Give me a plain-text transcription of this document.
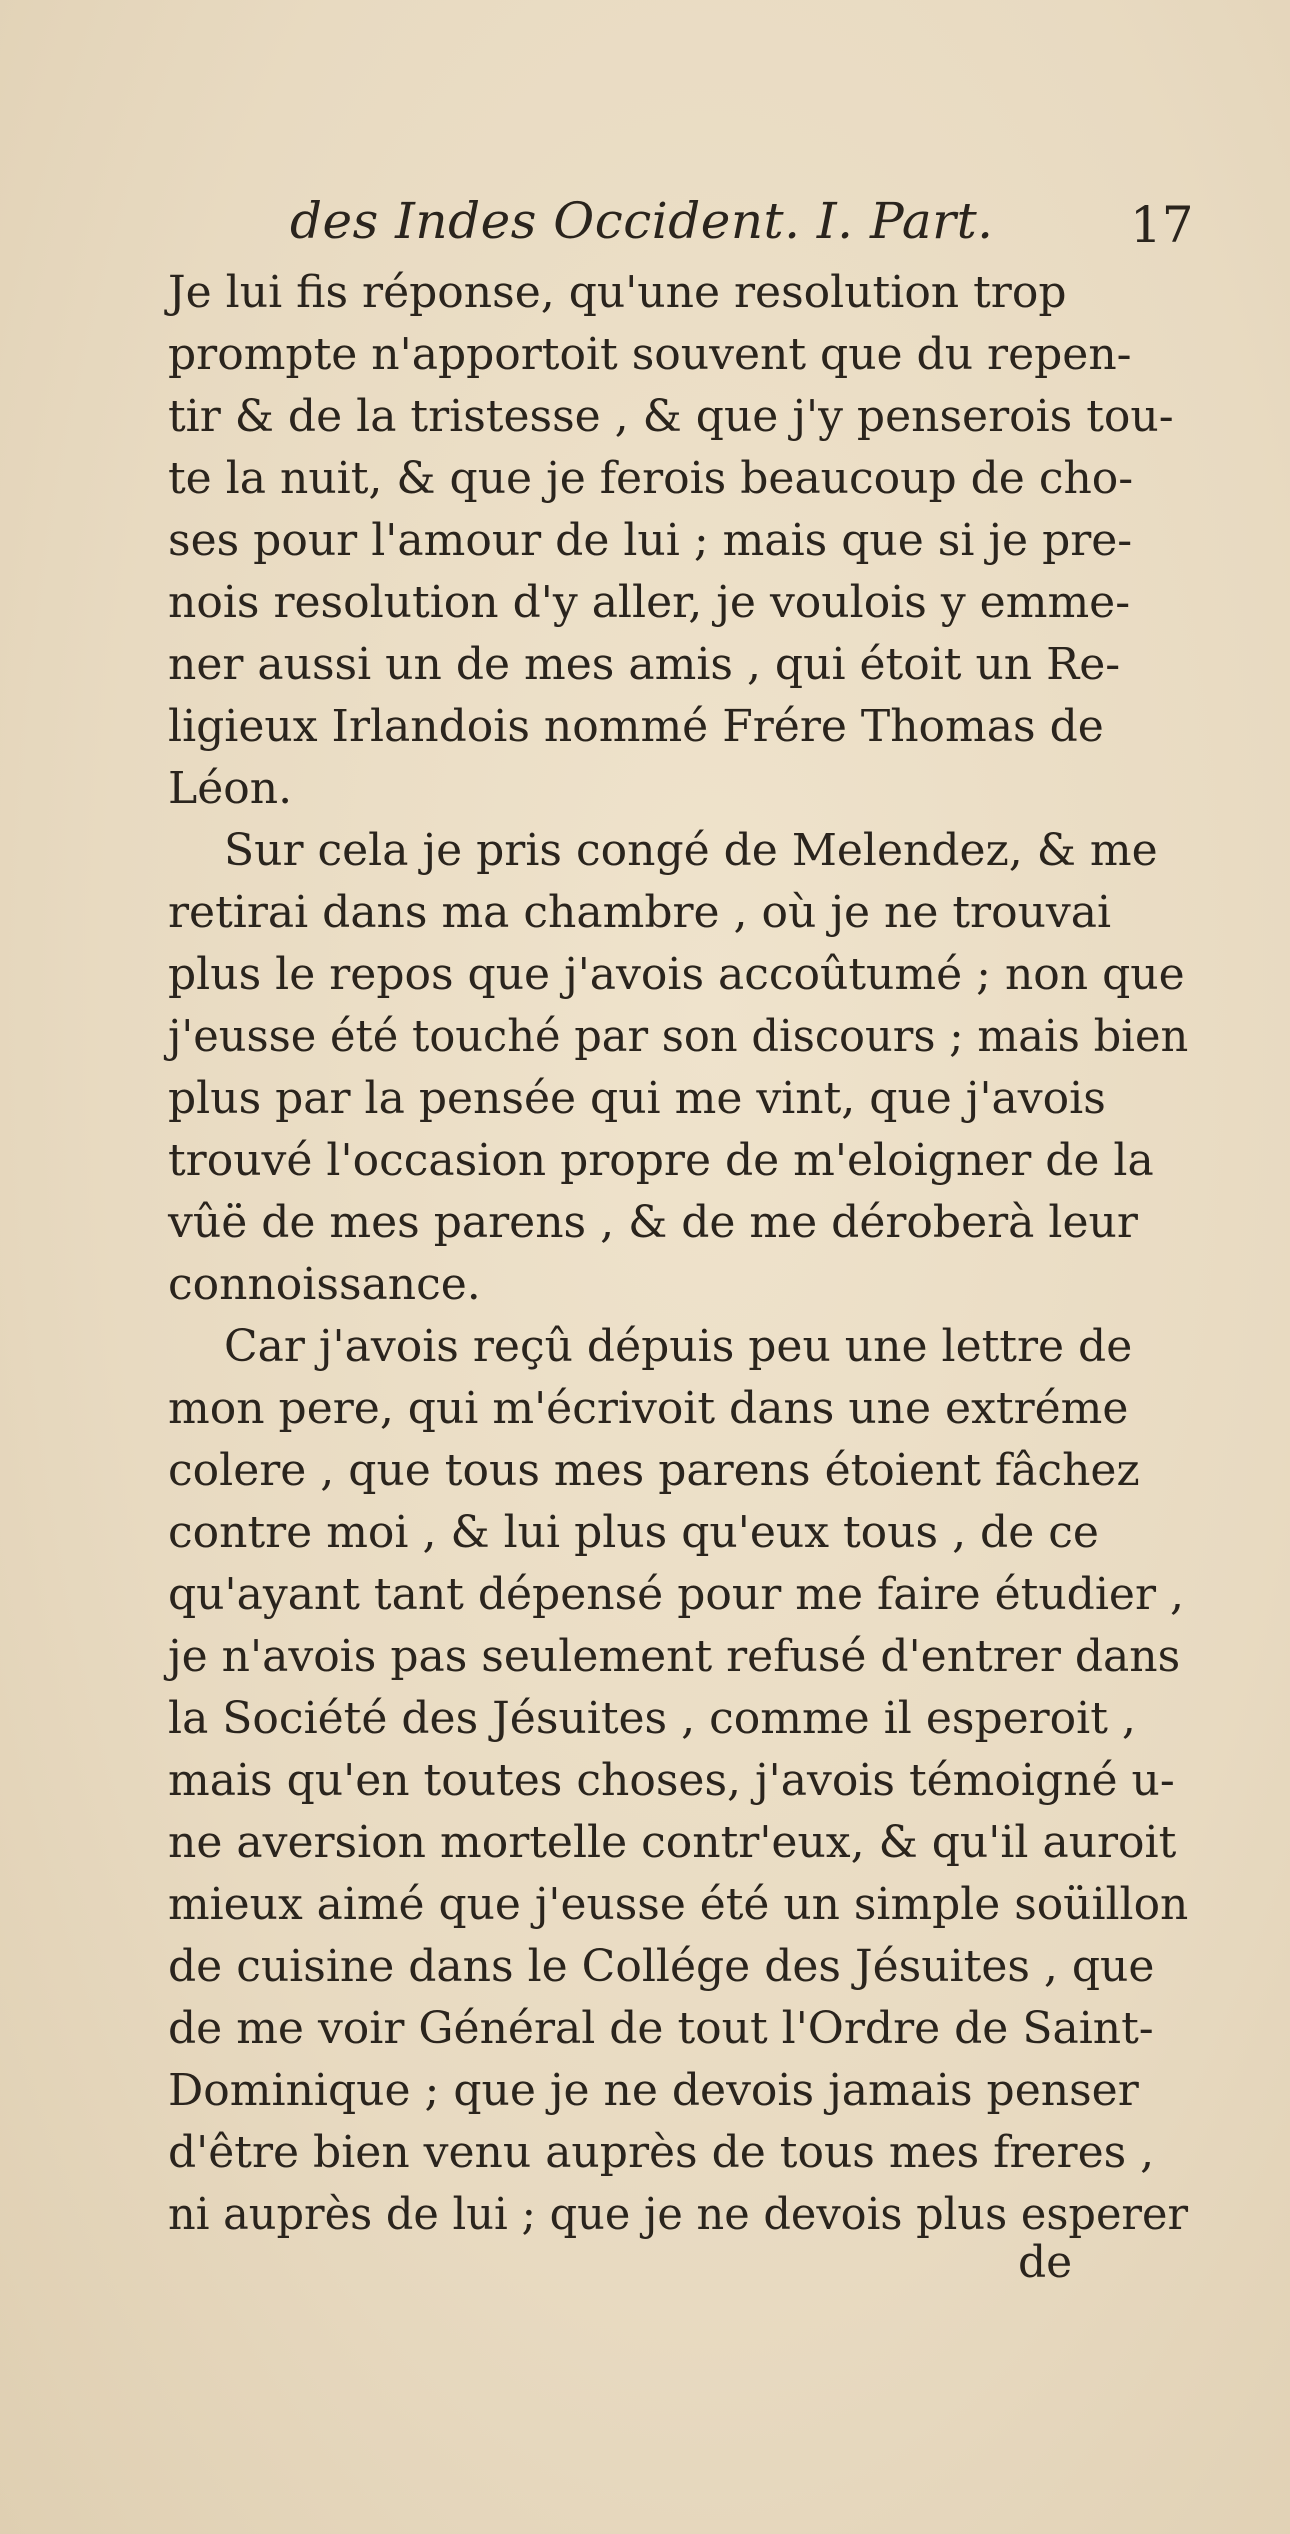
des Indes Occident. I. Part.	17
Je lui fis réponse, qu'une resolution trop
prompte n'apportoit souvent que du repen-
tir & de la tristesse , & que j'y penserois tou-
te la nuit, & que je ferois beaucoup de cho-
ses pour l'amour de lui ; mais que si je pre-
nois resolution d'y aller, je voulois y emme-
ner aussi un de mes amis , qui étoit un Re-
ligieux Irlandois nommé Frére Thomas de
Léon.
Sur cela je pris congé de Melendez, & me
retirai dans ma chambre , où je ne trouvai
plus le repos que j'avois accoûtumé ; non que
j'eusse été touché par son discours ; mais bien
plus par la pensée qui me vint, que j'avois
trouvé l'occasion propre de m'eloigner de la
vûë de mes parens , & de me déroberà leur
connoissance.
Car j'avois reçû dépuis peu une lettre de
mon pere, qui m'écrivoit dans une extréme
colere , que tous mes parens étoient fâchez
contre moi , & lui plus qu'eux tous , de ce
qu'ayant tant dépensé pour me faire étudier ,
je n'avois pas seulement refusé d'entrer dans
la Société des Jésuites , comme il esperoit ,
mais qu'en toutes choses, j'avois témoigné u-
ne aversion mortelle contr'eux, & qu'il auroit
mieux aimé que j'eusse été un simple soüillon
de cuisine dans le Collége des Jésuites , que
de me voir Général de tout l'Ordre de Saint-
Dominique ; que je ne devois jamais penser
d'être bien venu auprès de tous mes freres ,
ni auprès de lui ; que je ne devois plus esperer
de
